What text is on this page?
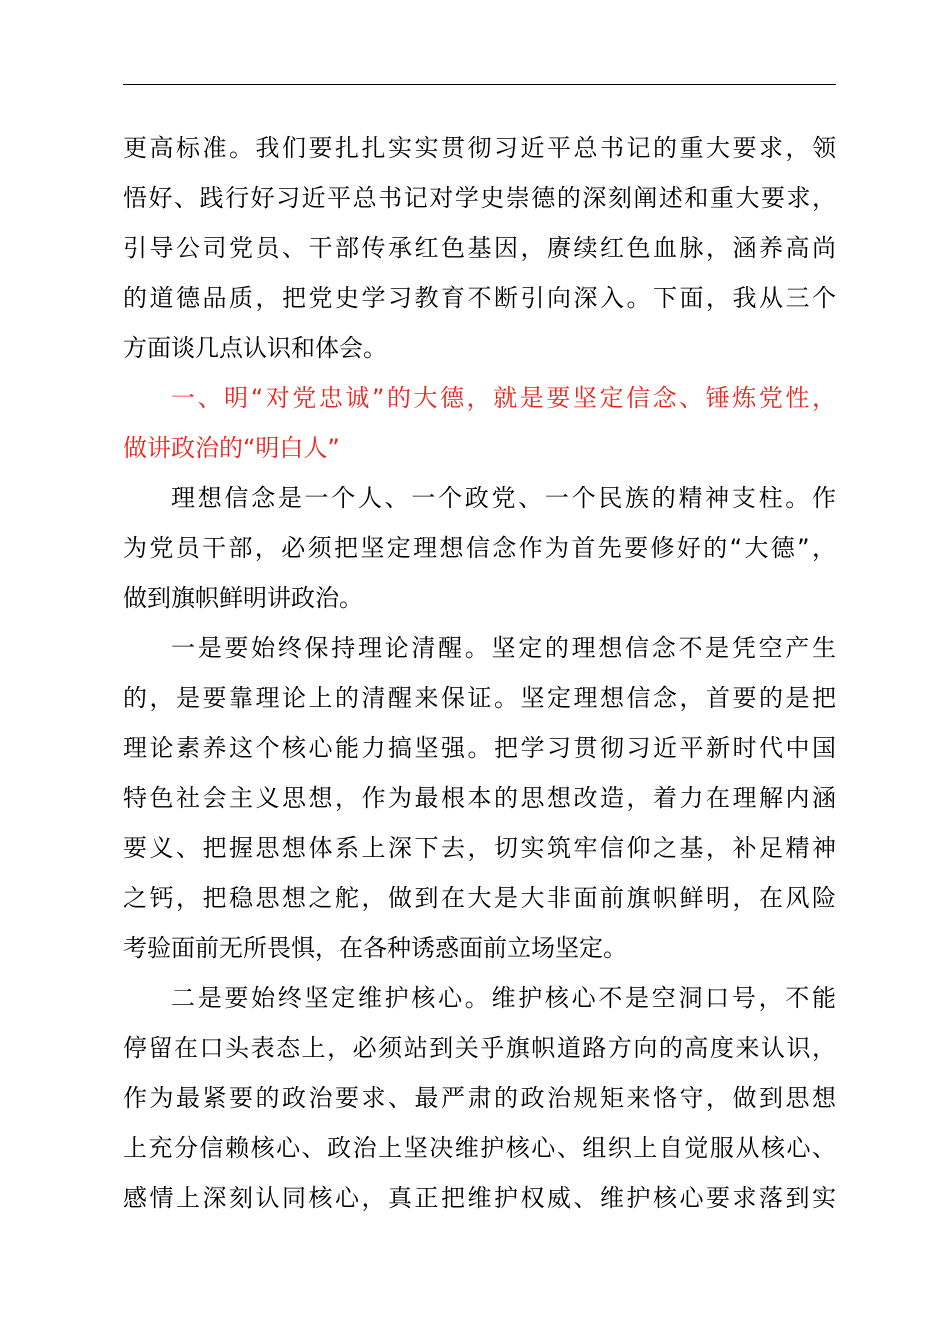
更高标准。我们要扎扎实实贯彻习近平总书记的重大要求，领
悟好、践行好习近平总书记对学史崇德的深刻阐述和重大要求，
引导公司党员、干部传承红色基因，赓续红色血脉，涵养高尚
的道德品质，把党史学习教育不断引向深入。下面，我从三个
方面谈几点认识和体会。
一、明“对党忠诚”的大德，就是要坚定信念、锤炼党性，
做讲政治的“明白人”
理想信念是一个人、一个政党、一个民族的精神支柱。作
为党员干部，必须把坚定理想信念作为首先要修好的“大德”，
做到旗帜鲜明讲政治。
一是要始终保持理论清醒。坚定的理想信念不是凭空产生
的，是要靠理论上的清醒来保证。坚定理想信念，首要的是把
理论素养这个核心能力搞坚强。把学习贯彻习近平新时代中国
特色社会主义思想，作为最根本的思想改造，着力在理解内涵
要义、把握思想体系上深下去，切实筑牢信仰之基，补足精神
之钙，把稳思想之舵，做到在大是大非面前旗帜鲜明，在风险
考验面前无所畏惧，在各种诱惑面前立场坚定。
二是要始终坚定维护核心。维护核心不是空洞口号，不能
停留在口头表态上，必须站到关乎旗帜道路方向的高度来认识，
作为最紧要的政治要求、最严肃的政治规矩来恪守，做到思想
上充分信赖核心、政治上坚决维护核心、组织上自觉服从核心、
感情上深刻认同核心，真正把维护权威、维护核心要求落到实
